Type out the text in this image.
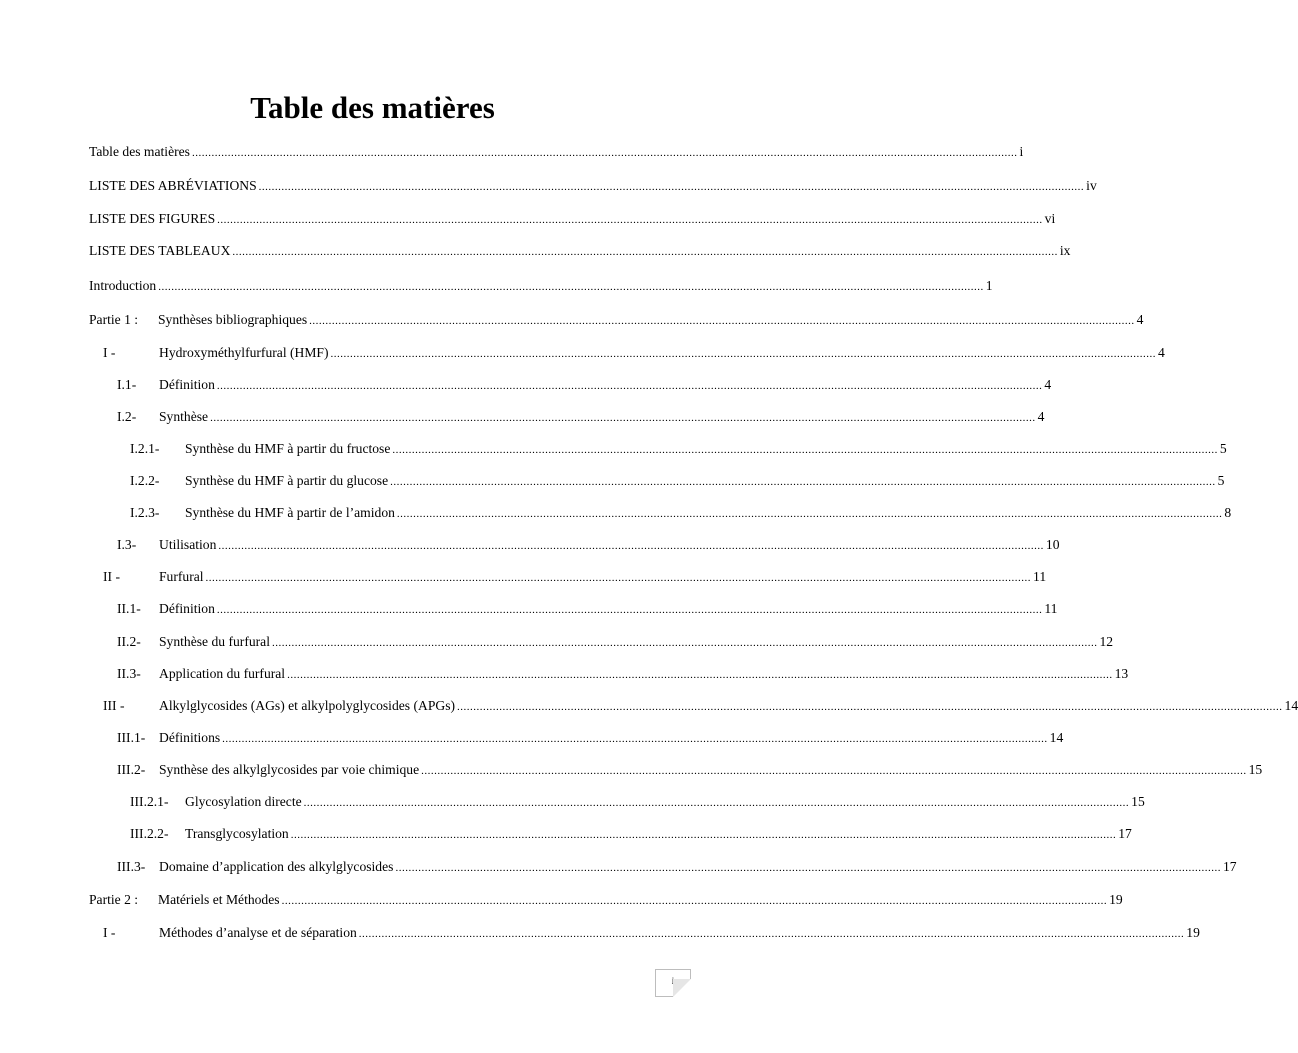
Table des matières
Table des matières .............................................................................................................................................................................................................................................................. i
LISTE DES ABRÉVIATIONS .............................................................................................................................................................................................................................................................. iv
LISTE DES FIGURES .............................................................................................................................................................................................................................................................. vi
LISTE DES TABLEAUX .............................................................................................................................................................................................................................................................. ix
Introduction .............................................................................................................................................................................................................................................................. 1
Partie 1 : Synthèses bibliographiques .............................................................................................................................................................................................................................................................. 4
I -	Hydroxyméthylfurfural (HMF) .............................................................................................................................................................................................................................................................. 4
I.1- Définition .............................................................................................................................................................................................................................................................. 4
I.2- Synthèse .............................................................................................................................................................................................................................................................. 4
I.2.1- Synthèse du HMF à partir du fructose .............................................................................................................................................................................................................................................................. 5
I.2.2- Synthèse du HMF à partir du glucose .............................................................................................................................................................................................................................................................. 5
I.2.3- Synthèse du HMF à partir de l’amidon .............................................................................................................................................................................................................................................................. 8
I.3- Utilisation .............................................................................................................................................................................................................................................................. 10
II -	Furfural .............................................................................................................................................................................................................................................................. 11
II.1- Définition .............................................................................................................................................................................................................................................................. 11
II.2- Synthèse du furfural .............................................................................................................................................................................................................................................................. 12
II.3- Application du furfural .............................................................................................................................................................................................................................................................. 13
III -	Alkylglycosides (AGs) et alkylpolyglycosides (APGs) .............................................................................................................................................................................................................................................................. 14
III.1- Définitions .............................................................................................................................................................................................................................................................. 14
III.2- Synthèse des alkylglycosides par voie chimique .............................................................................................................................................................................................................................................................. 15
III.2.1- Glycosylation directe .............................................................................................................................................................................................................................................................. 15
III.2.2- Transglycosylation .............................................................................................................................................................................................................................................................. 17
III.3- Domaine d’application des alkylglycosides .............................................................................................................................................................................................................................................................. 17
Partie 2 : Matériels et Méthodes .............................................................................................................................................................................................................................................................. 19
I -	Méthodes d’analyse et de séparation .............................................................................................................................................................................................................................................................. 19
i
